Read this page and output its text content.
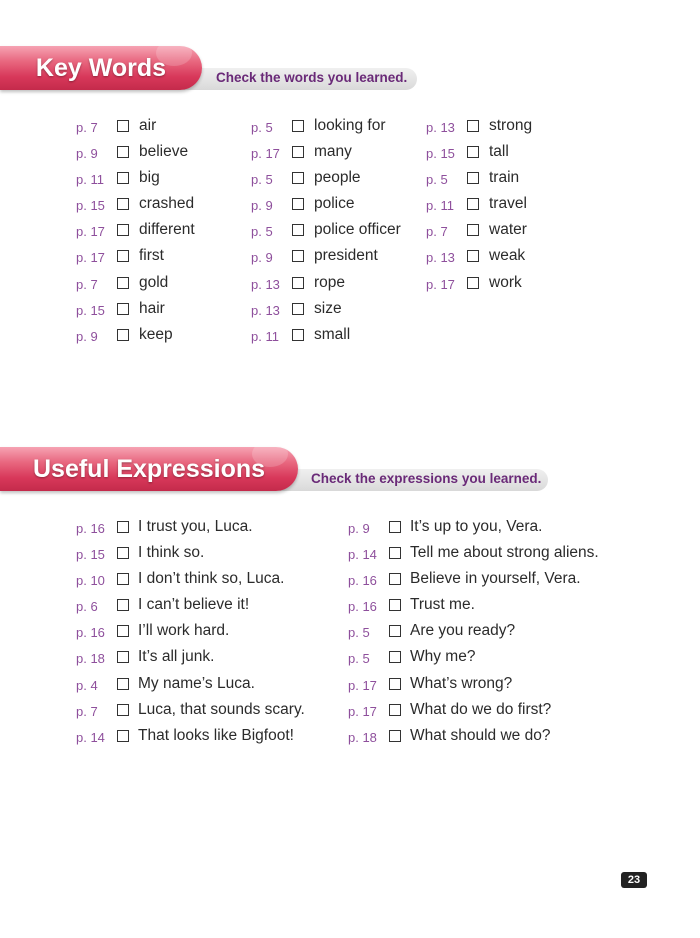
Check the words you learned.
Key Words
p. 7	air
p. 9	believe
p. 11 big
p. 15 crashed
p. 17 different
p. 17 first
p. 7	gold
p. 15 hair
p. 9	keep
p. 5	looking for
p. 17 many
p. 5	people
p. 9	police
p. 5	police officer
p. 9	president
p. 13 rope
p. 13 size
p. 11 small
p. 13 strong
p. 15 tall
p. 5	train
p. 11 travel
p. 7	water
p. 13 weak
p. 17 work
Check the expressions you learned.
Useful Expressions
p. 16 I trust you, Luca.
p. 15 I think so.
p. 10 I don’t think so, Luca.
p. 6	I can’t believe it!
p. 16 I’ll work hard.
p. 18 It’s all junk.
p. 4	My name’s Luca.
p. 7	Luca, that sounds scary.
p. 14 That looks like Bigfoot!
p. 9	It’s up to you, Vera.
p. 14 Tell me about strong aliens.
p. 16 Believe in yourself, Vera.
p. 16 Trust me.
p. 5	Are you ready?
p. 5	Why me?
p. 17 What’s wrong?
p. 17 What do we do first?
p. 18 What should we do?
23
